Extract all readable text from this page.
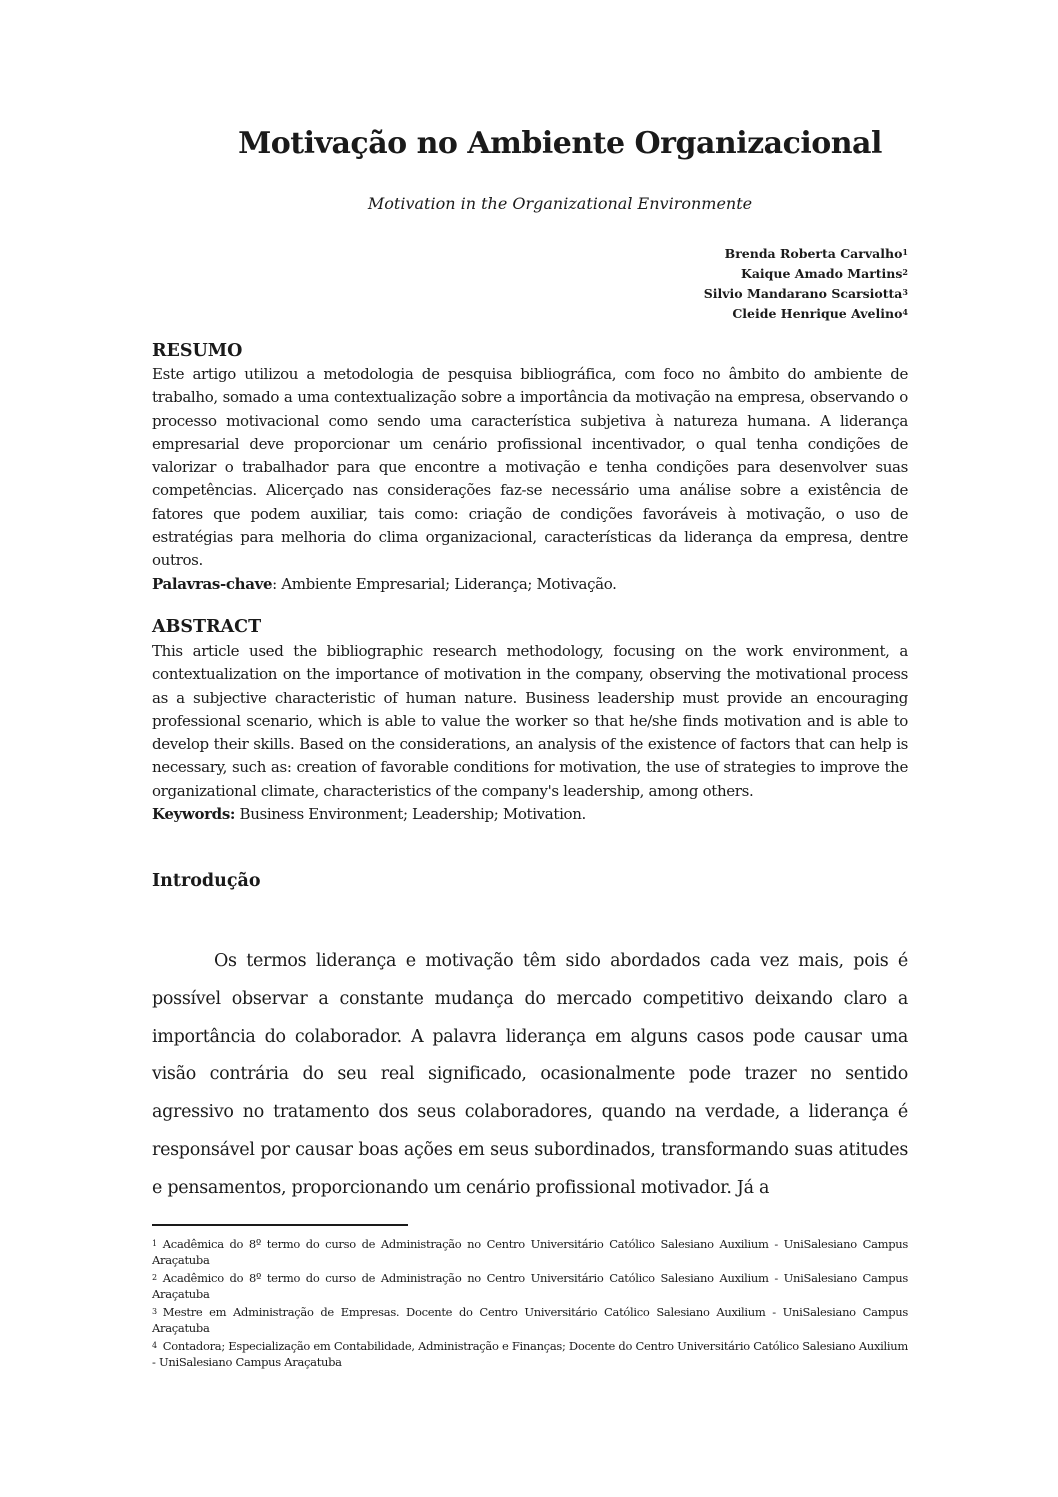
Motivação no Ambiente Organizacional
Motivation in the Organizational Environmente
Brenda Roberta Carvalho$^1$
Kaique Amado Martins$^2$
Silvio Mandarano Scarsiotta$^3$
Cleide Henrique Avelino$^4$
RESUMO
Este artigo utilizou a metodologia de pesquisa bibliográfica, com foco no âmbito do ambiente de trabalho, somado a uma contextualização sobre a importância da motivação na empresa, observando o processo motivacional como sendo uma característica subjetiva à natureza humana. A liderança empresarial deve proporcionar um cenário profissional incentivador, o qual tenha condições de valorizar o trabalhador para que encontre a motivação e tenha condições para desenvolver suas competências. Alicerçado nas considerações faz-se necessário uma análise sobre a existência de fatores que podem auxiliar, tais como: criação de condições favoráveis à motivação, o uso de estratégias para melhoria do clima organizacional, características da liderança da empresa, dentre outros.
Palavras-chave: Ambiente Empresarial; Liderança; Motivação.
ABSTRACT
This article used the bibliographic research methodology, focusing on the work environment, a contextualization on the importance of motivation in the company, observing the motivational process as a subjective characteristic of human nature. Business leadership must provide an encouraging professional scenario, which is able to value the worker so that he/she finds motivation and is able to develop their skills. Based on the considerations, an analysis of the existence of factors that can help is necessary, such as: creation of favorable conditions for motivation, the use of strategies to improve the organizational climate, characteristics of the company's leadership, among others.
Keywords: Business Environment; Leadership; Motivation.
Introdução
Os termos liderança e motivação têm sido abordados cada vez mais, pois é possível observar a constante mudança do mercado competitivo deixando claro a importância do colaborador. A palavra liderança em alguns casos pode causar uma visão contrária do seu real significado, ocasionalmente pode trazer no sentido agressivo no tratamento dos seus colaboradores, quando na verdade, a liderança é responsável por causar boas ações em seus subordinados, transformando suas atitudes e pensamentos, proporcionando um cenário profissional motivador. Já a
$^1$ Acadêmica do 8º termo do curso de Administração no Centro Universitário Católico Salesiano Auxilium - UniSalesiano Campus Araçatuba
$^2$ Acadêmico do 8º termo do curso de Administração no Centro Universitário Católico Salesiano Auxilium - UniSalesiano Campus Araçatuba
$^3$ Mestre em Administração de Empresas. Docente do Centro Universitário Católico Salesiano Auxilium - UniSalesiano Campus Araçatuba
$^4$ Contadora; Especialização em Contabilidade, Administração e Finanças; Docente do Centro Universitário Católico Salesiano Auxilium - UniSalesiano Campus Araçatuba
